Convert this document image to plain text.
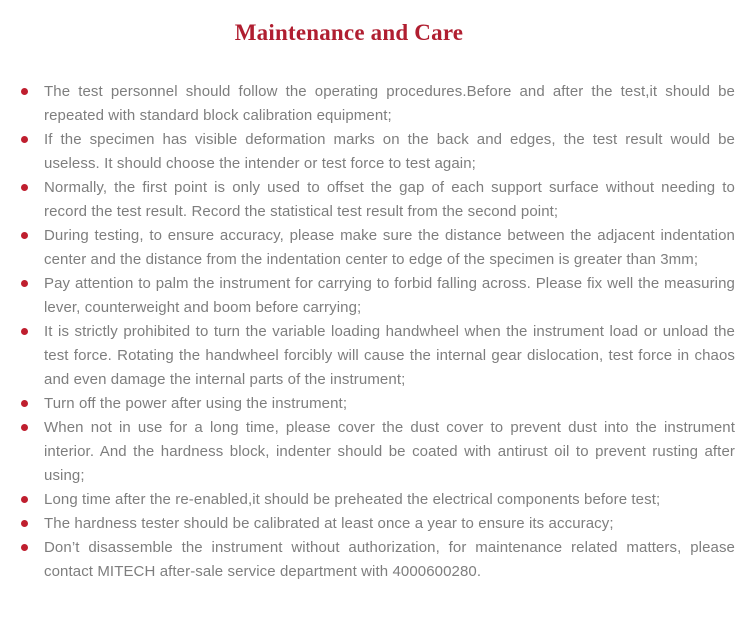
Maintenance and Care
The test personnel should follow the operating procedures.Before and after the test,it should be repeated with standard block calibration equipment;
If the specimen has visible deformation marks on the back and edges, the test result would be useless. It should choose the intender or test force to test again;
Normally, the first point is only used to offset the gap of each support surface without needing to record the test result. Record the statistical test result from the second point;
During testing, to ensure accuracy, please make sure the distance between the adjacent indentation center and the distance from the indentation center to edge of the specimen is greater than 3mm;
Pay attention to palm the instrument for carrying to forbid falling across. Please fix well the measuring lever, counterweight and boom before carrying;
It is strictly prohibited to turn the variable loading handwheel when the instrument load or unload the test force. Rotating the handwheel forcibly will cause the internal gear dislocation, test force in chaos and even damage the internal parts of the instrument;
Turn off the power after using the instrument;
When not in use for a long time, please cover the dust cover to prevent dust into the instrument interior. And the hardness block, indenter should be coated with antirust oil to prevent rusting after using;
Long time after the re-enabled,it should be preheated the electrical components before test;
The hardness tester should be calibrated at least once a year to ensure its accuracy;
Don’t disassemble the instrument without authorization, for maintenance related matters, please contact MITECH after-sale service department with 4000600280.
